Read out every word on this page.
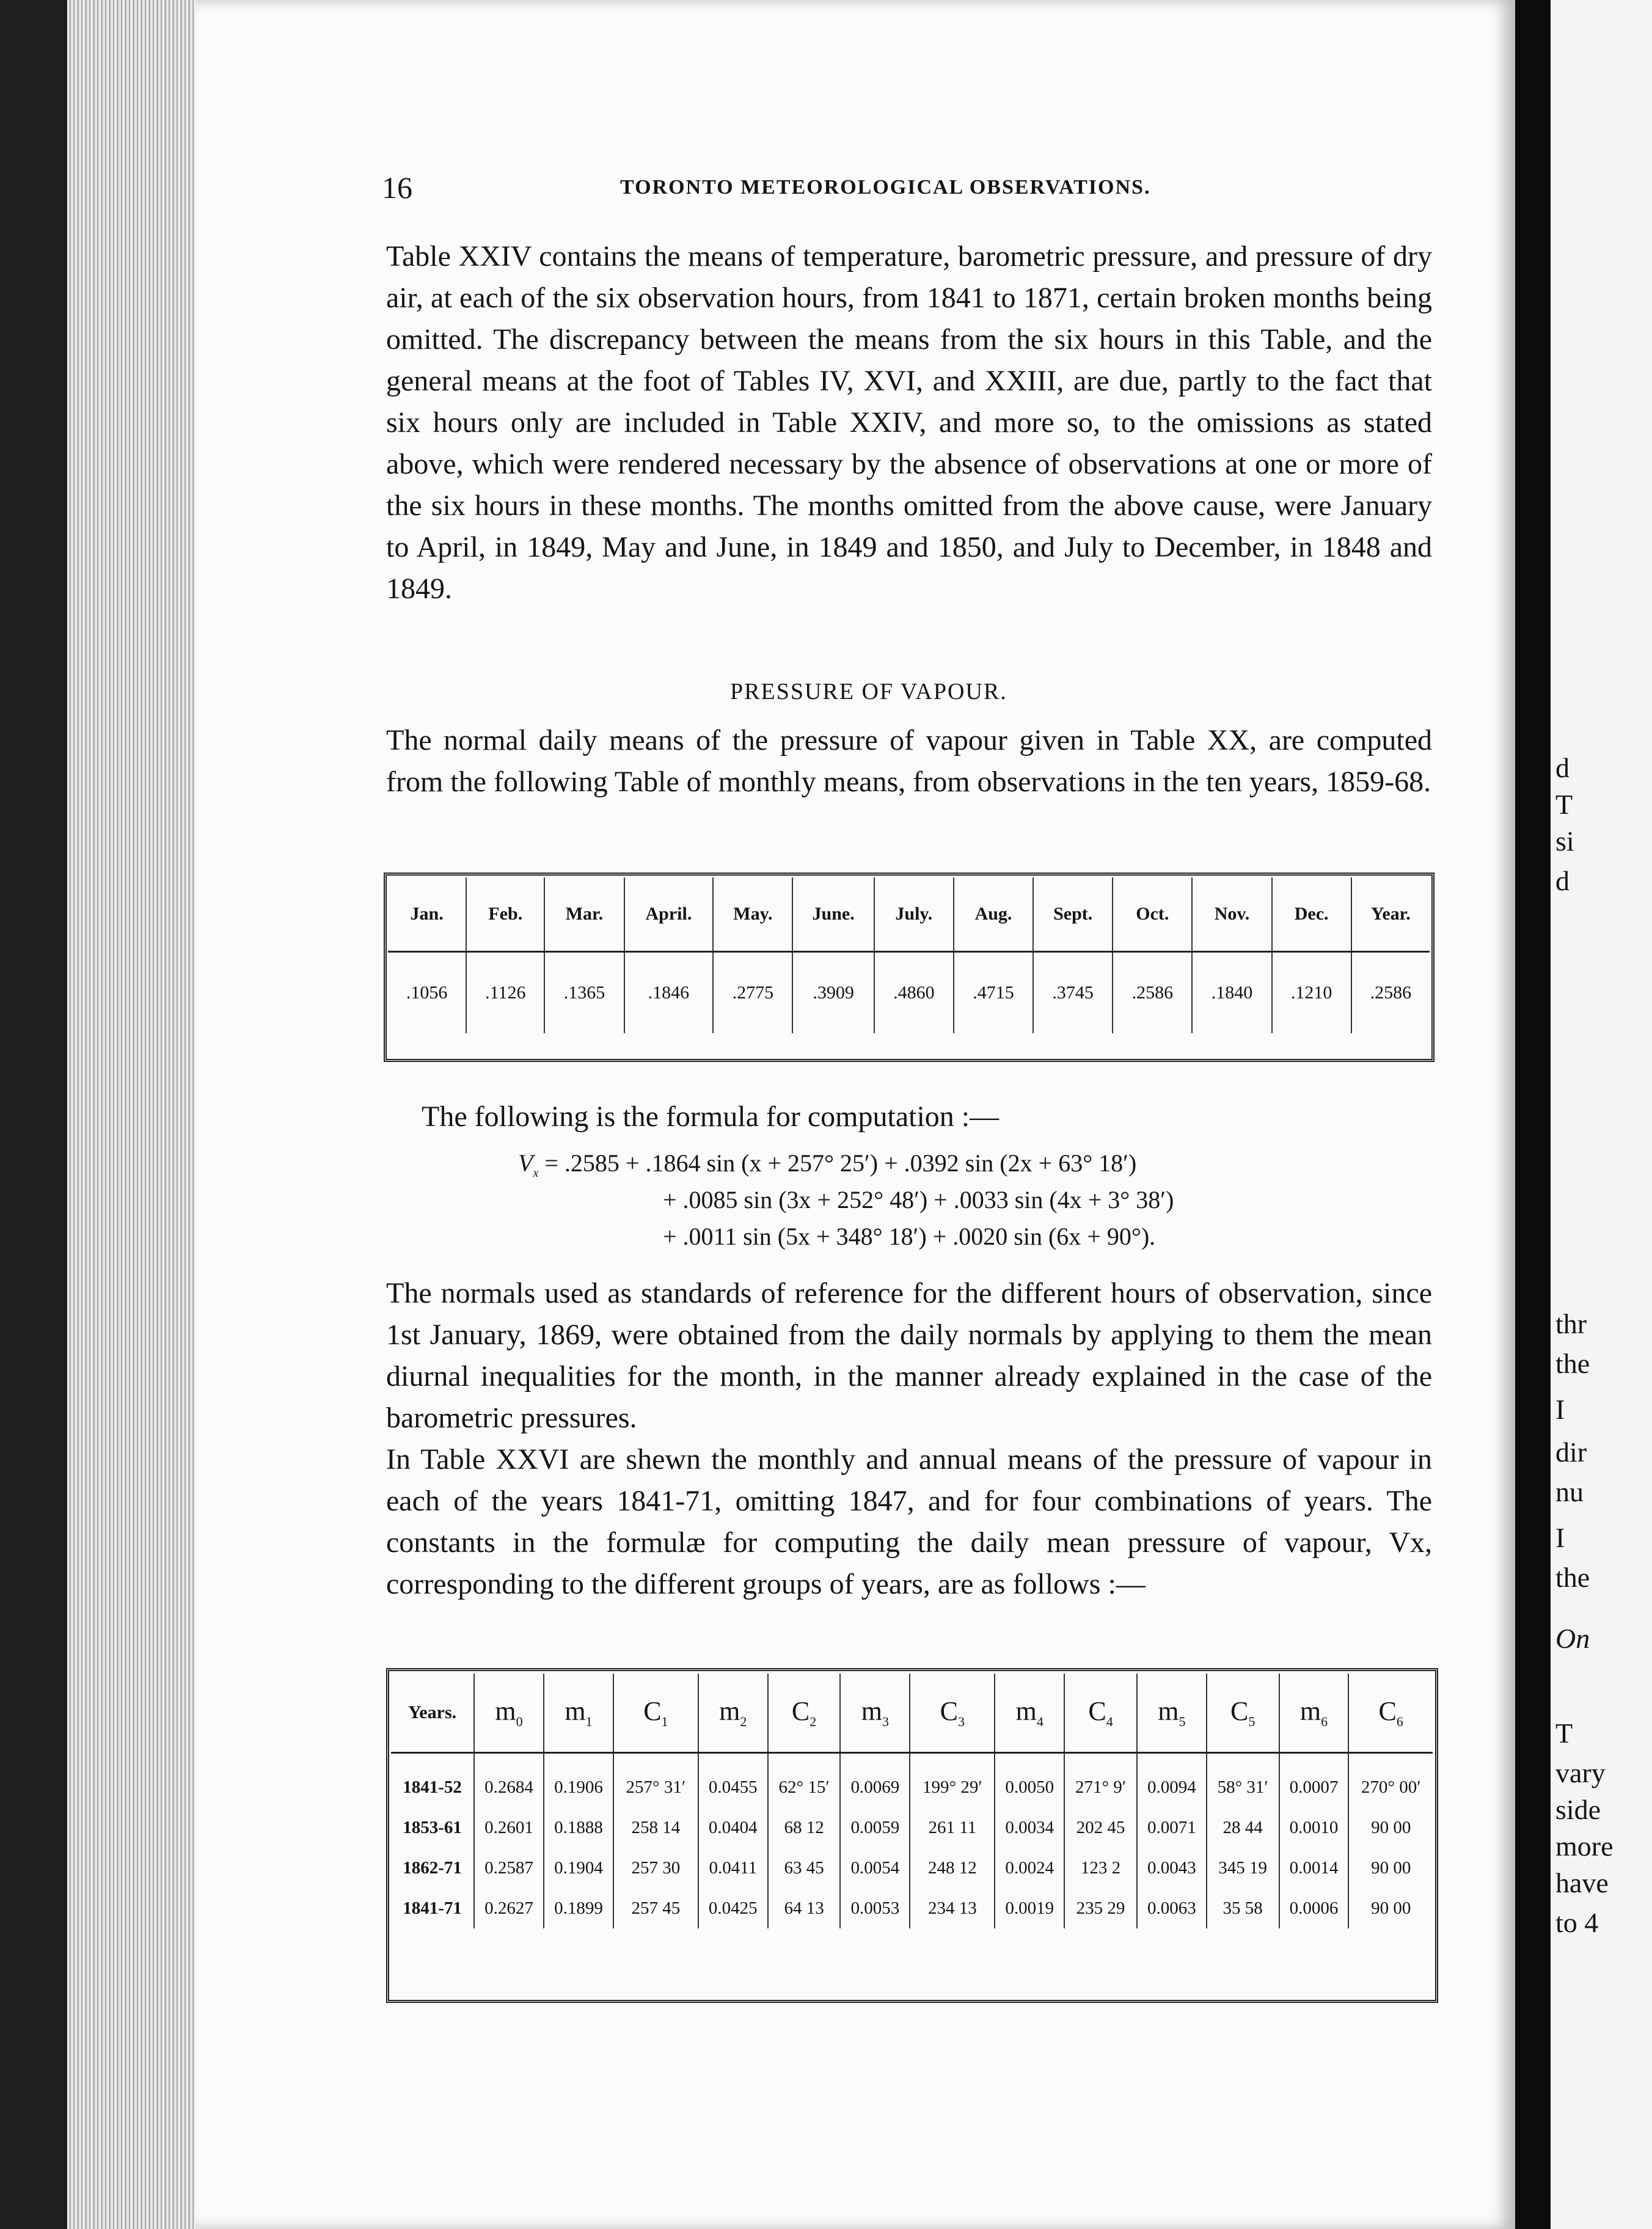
16	TORONTO METEOROLOGICAL OBSERVATIONS.

Table XXIV contains the means of temperature, barometric pressure, and pressure of dry air, at each of the six observation hours, from 1841 to 1871, certain broken months being omitted. The discrepancy between the means from the six hours in this Table, and the general means at the foot of Tables IV, XVI, and XXIII, are due, partly to the fact that six hours only are included in Table XXIV, and more so, to the omissions as stated above, which were rendered necessary by the absence of observations at one or more of the six hours in these months. The months omitted from the above cause, were January to April, in 1849, May and June, in 1849 and 1850, and July to December, in 1848 and 1849.

PRESSURE OF VAPOUR.

The normal daily means of the pressure of vapour given in Table XX, are computed from the following Table of monthly means, from observations in the ten years, 1859-68.

Jan.	Feb.	Mar.	April.	May.	June.	July.	Aug.	Sept.	Oct.	Nov.	Dec.	Year.
.1056	.1126	.1365	.1846	.2775	.3909	.4860	.4715	.3745	.2586	.1840	.1210	.2586

The following is the formula for computation :—

$V_x = .2585 + .1864$ sin (x + 257° 25′) + .0392 sin (2x + 63° 18′)
+ .0085 sin (3x + 252° 48′) + .0033 sin (4x + 3° 38′)
+ .0011 sin (5x + 348° 18′) + .0020 sin (6x + 90°).

The normals used as standards of reference for the different hours of observation, since 1st January, 1869, were obtained from the daily normals by applying to them the mean diurnal inequalities for the month, in the manner already explained in the case of the barometric pressures.

In Table XXVI are shewn the monthly and annual means of the pressure of vapour in each of the years 1841-71, omitting 1847, and for four combinations of years. The constants in the formulæ for computing the daily mean pressure of vapour, Vx, corresponding to the different groups of years, are as follows :—

Years.	$m_0$	$m_1$	$C_1$	$m_2$	$C_2$	$m_3$	$C_3$	$m_4$	$C_4$	$m_5$	$C_5$	$m_6$	$C_6$
1841-52	0.2684	0.1906	257° 31′	0.0455	62° 15′	0.0069	199° 29′	0.0050	271° 9′	0.0094	58° 31′	0.0007	270° 00′
1853-61	0.2601	0.1888	258 14	0.0404	68 12	0.0059	261 11	0.0034	202 45	0.0071	28 44	0.0010	90 00
1862-71	0.2587	0.1904	257 30	0.0411	63 45	0.0054	248 12	0.0024	123 2	0.0043	345 19	0.0014	90 00
1841-71	0.2627	0.1899	257 45	0.0425	64 13	0.0053	234 13	0.0019	235 29	0.0063	35 58	0.0006	90 00
d
T
si
d
thr
the
I
dir
nu
I
the
On
T
vary
side
more
have
to 4
